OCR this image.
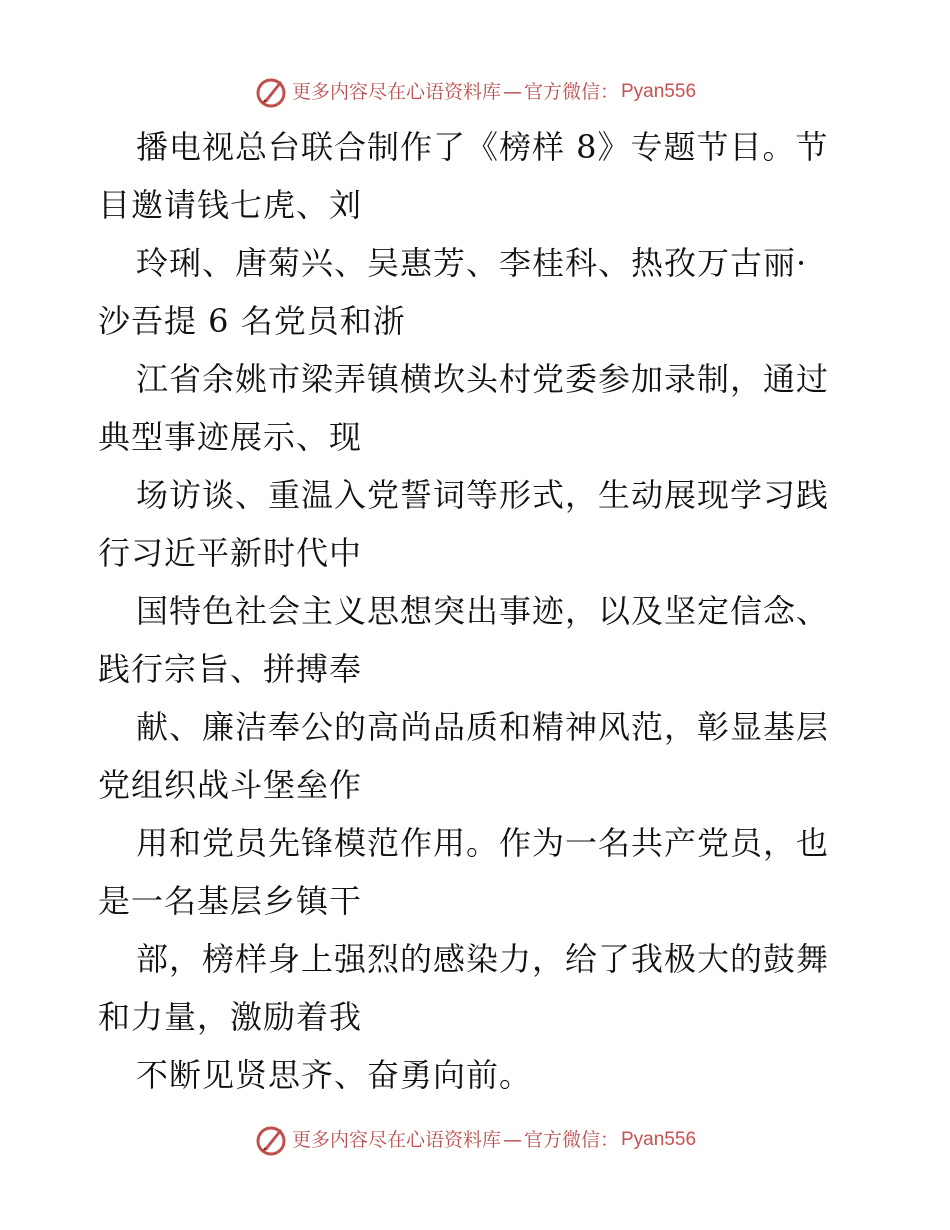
更多内容尽在心语资料库 — 官方微信： Pyan556
播电视总台联合制作了《榜样 8》专题节目。节
目邀请钱七虎、刘
玲琍、唐菊兴、吴惠芳、李桂科、热孜万古丽·
沙吾提 6 名党员和浙
江省余姚市梁弄镇横坎头村党委参加录制，通过
典型事迹展示、现
场访谈、重温入党誓词等形式，生动展现学习践
行习近平新时代中
国特色社会主义思想突出事迹，以及坚定信念、
践行宗旨、拼搏奉
献、廉洁奉公的高尚品质和精神风范，彰显基层
党组织战斗堡垒作
用和党员先锋模范作用。作为一名共产党员，也
是一名基层乡镇干
部，榜样身上强烈的感染力，给了我极大的鼓舞
和力量，激励着我
不断见贤思齐、奋勇向前。
更多内容尽在心语资料库 — 官方微信： Pyan556
